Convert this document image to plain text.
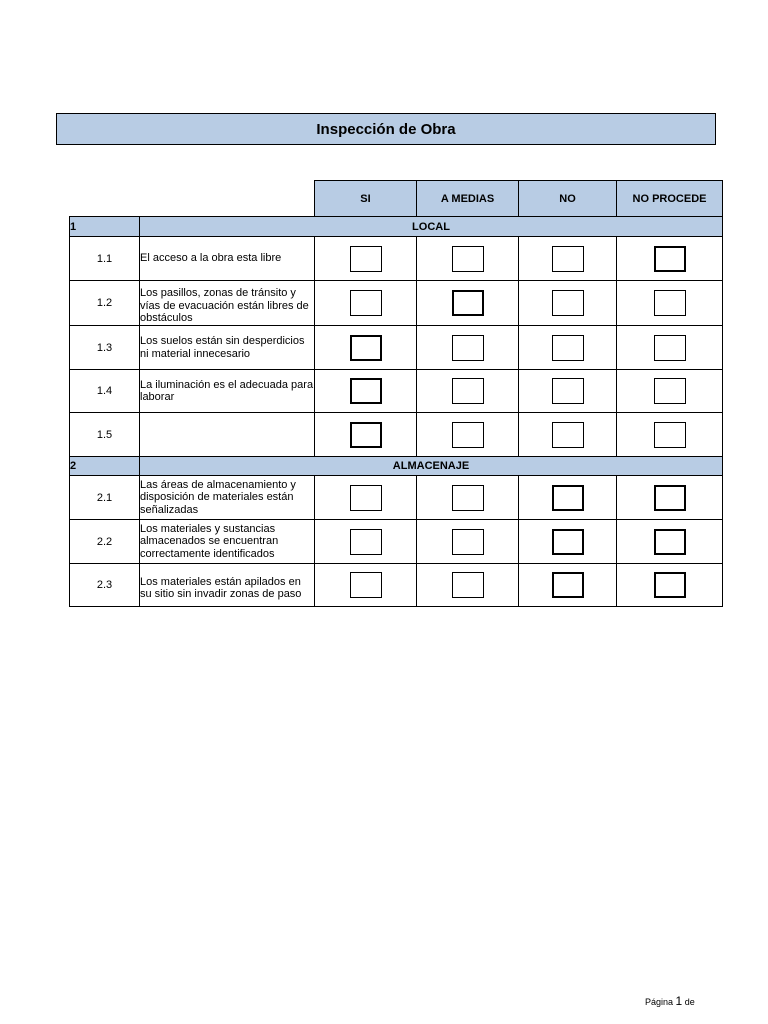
Inspección de Obra
		SI	A MEDIAS	NO	NO PROCEDE
1	LOCAL				
1.1	El acceso a la obra esta libre				
1.2	Los pasillos, zonas de tránsito y vías de evacuación están libres de obstáculos				
1.3	Los suelos están sin desperdicios ni material innecesario				
1.4	La iluminación es el adecuada para laborar				
1.5					
2	ALMACENAJE				
2.1	Las áreas de almacenamiento y disposición de materiales están señalizadas				
2.2	Los materiales y sustancias almacenados se encuentran correctamente identificados				
2.3	Los materiales están apilados en su sitio sin invadir zonas de paso				
Página 1 de
